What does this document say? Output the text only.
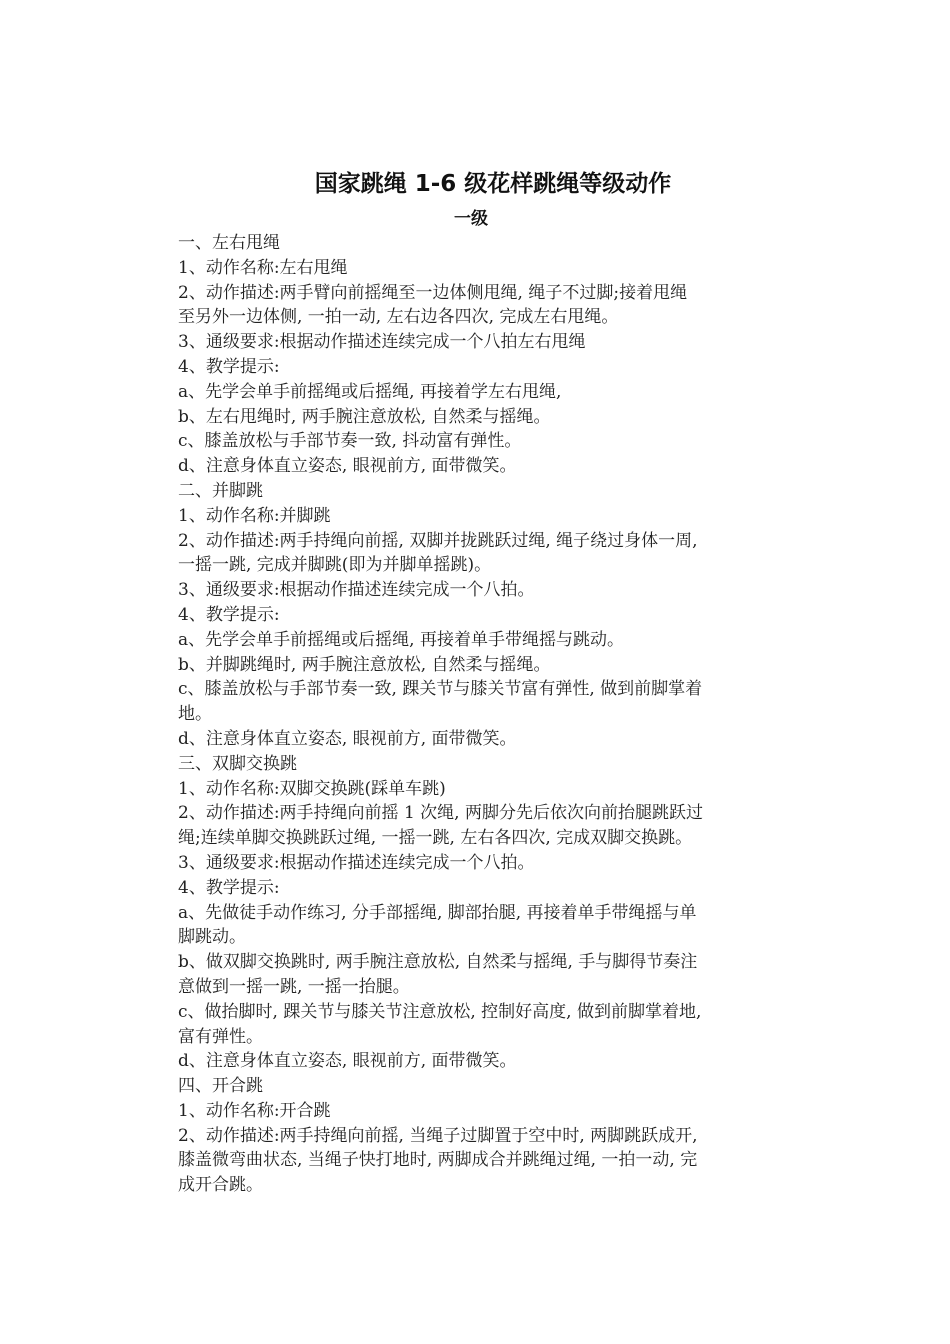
国家跳绳 1-6 级花样跳绳等级动作
一级

一、左右甩绳

1、动作名称:左右甩绳

2、动作描述:两手臂向前摇绳至一边体侧甩绳, 绳子不过脚;接着甩绳

至另外一边体侧, 一拍一动, 左右边各四次, 完成左右甩绳。

3、通级要求:根据动作描述连续完成一个八拍左右甩绳

4、教学提示:

a、先学会单手前摇绳或后摇绳, 再接着学左右甩绳,

b、左右甩绳时, 两手腕注意放松, 自然柔与摇绳。

c、膝盖放松与手部节奏一致, 抖动富有弹性。

d、注意身体直立姿态, 眼视前方, 面带微笑。

二、并脚跳

1、动作名称:并脚跳

2、动作描述:两手持绳向前摇, 双脚并拢跳跃过绳, 绳子绕过身体一周,

一摇一跳, 完成并脚跳(即为并脚单摇跳)。

3、通级要求:根据动作描述连续完成一个八拍。

4、教学提示:

a、先学会单手前摇绳或后摇绳, 再接着单手带绳摇与跳动。

b、并脚跳绳时, 两手腕注意放松, 自然柔与摇绳。

c、膝盖放松与手部节奏一致, 踝关节与膝关节富有弹性, 做到前脚掌着

地。

d、注意身体直立姿态, 眼视前方, 面带微笑。

三、双脚交换跳

1、动作名称:双脚交换跳(踩单车跳)

2、动作描述:两手持绳向前摇 1 次绳, 两脚分先后依次向前抬腿跳跃过

绳;连续单脚交换跳跃过绳, 一摇一跳, 左右各四次, 完成双脚交换跳。

3、通级要求:根据动作描述连续完成一个八拍。

4、教学提示:

a、先做徒手动作练习, 分手部摇绳, 脚部抬腿, 再接着单手带绳摇与单

脚跳动。

b、做双脚交换跳时, 两手腕注意放松, 自然柔与摇绳, 手与脚得节奏注

意做到一摇一跳, 一摇一抬腿。

c、做抬脚时, 踝关节与膝关节注意放松, 控制好高度, 做到前脚掌着地,

富有弹性。

d、注意身体直立姿态, 眼视前方, 面带微笑。

四、开合跳

1、动作名称:开合跳

2、动作描述:两手持绳向前摇, 当绳子过脚置于空中时, 两脚跳跃成开,

膝盖微弯曲状态, 当绳子快打地时, 两脚成合并跳绳过绳, 一拍一动, 完

成开合跳。
